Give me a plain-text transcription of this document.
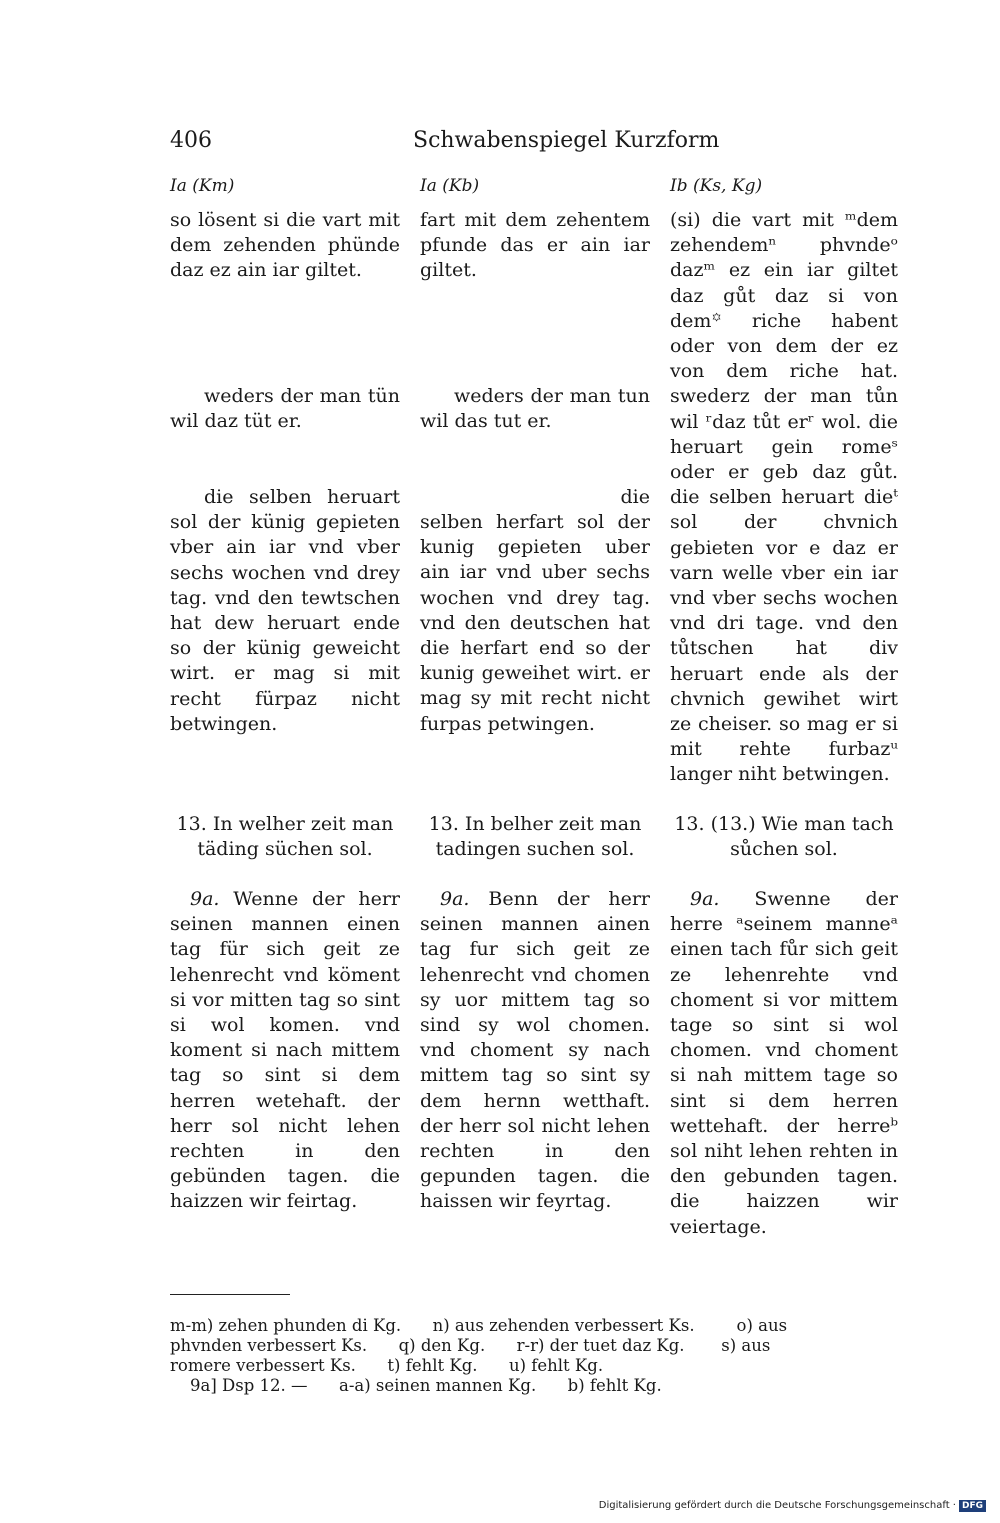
406	Schwabenspiegel Kurzform
Ia (Km)
so lösent si die vart mit dem zehenden phünde daz ez ain iar giltet.
weders der man tün wil daz tüt er.
die selben heruart sol der künig gepieten vber ain iar vnd vber sechs wochen vnd drey tag. vnd den tewtschen hat dew heruart ende so der künig geweicht wirt. er mag si mit recht fürpaz nicht betwingen.
13. In welher zeit man täding süchen sol.
9a. Wenne der herr seinen mannen einen tag für sich geit ze lehenrecht vnd köment si vor mitten tag so sint si wol komen. vnd koment si nach mittem tag so sint si dem herren wetehaft. der herr sol nicht lehen rechten in den gebünden tagen. die haizzen wir feirtag.
Ia (Kb)
fart mit dem zehentem pfunde das er ain iar giltet.
weders der man tun wil das tut er.
die
selben herfart sol der kunig gepieten uber ain iar vnd uber sechs wochen vnd drey tag. vnd den deutschen hat die herfart end so der kunig geweihet wirt. er mag sy mit recht nicht furpas petwingen.
13. In belher zeit man tadingen suchen sol.
9a. Benn der herr seinen mannen ainen tag fur sich geit ze lehenrecht vnd chomen sy uor mittem tag so sind sy wol chomen. vnd choment sy nach mittem tag so sint sy dem hernn wetthaft. der herr sol nicht lehen rechten in den gepunden tagen. die haissen wir feyrtag.
Ib (Ks, Kg)
(si) die vart mit ᵐdem zehendemⁿ phvndeᵒ dazᵐ ez ein iar giltet daz gůt daz si von dem꙳ riche habent oder von dem der ez von dem riche hat. swederz der man tůn wil ʳdaz tůt erʳ wol. die heruart gein romeˢ oder er geb daz gůt. die selben heruart dieᵗ sol der chvnich gebieten vor e daz er varn welle vber ein iar vnd vber sechs wochen vnd dri tage. vnd den tůtschen hat div heruart ende als der chvnich gewihet wirt ze cheiser. so mag er si mit rehte furbazᵘ langer niht betwingen.
13. (13.) Wie man tach sůchen sol.
9a. Swenne der herre ᵃseinem manneᵃ einen tach fůr sich geit ze lehenrehte vnd choment si vor mittem tage so sint si wol chomen. vnd choment si nah mittem tage so sint si dem herren wettehaft. der herreᵇ sol niht lehen rehten in den gebunden tagen. die haizzen wir veiertage.
m-m) zehen phunden di Kg.      n) aus zehenden verbessert Ks.        o) aus
phvnden verbessert Ks.      q) den Kg.      r-r) der tuet daz Kg.       s) aus
romere verbessert Ks.      t) fehlt Kg.      u) fehlt Kg.
9a] Dsp 12. —      a-a) seinen mannen Kg.      b) fehlt Kg.
Digitalisierung gefördert durch die Deutsche Forschungsgemeinschaft · DFG
